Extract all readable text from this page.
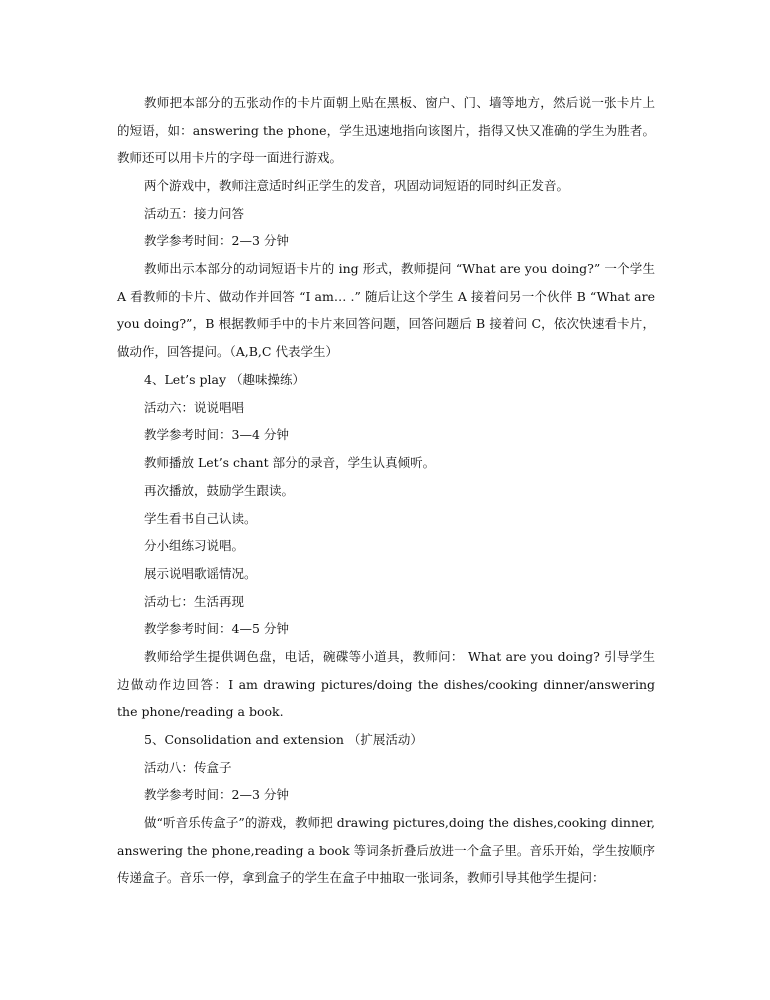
教师把本部分的五张动作的卡片面朝上贴在黑板、窗户、门、墙等地方，然后说一张卡片上的短语，如：answering the phone，学生迅速地指向该图片，指得又快又准确的学生为胜者。教师还可以用卡片的字母一面进行游戏。

两个游戏中，教师注意适时纠正学生的发音，巩固动词短语的同时纠正发音。

活动五：接力问答

教学参考时间：2—3 分钟

教师出示本部分的动词短语卡片的 ing 形式，教师提问 “What are you doing?” 一个学生 A 看教师的卡片、做动作并回答 “I am… .” 随后让这个学生 A 接着问另一个伙伴 B “What are you doing?”，B 根据教师手中的卡片来回答问题，回答问题后 B 接着问 C，依次快速看卡片，做动作，回答提问。（A,B,C 代表学生）

4、Let’s play （趣味操练）

活动六：说说唱唱

教学参考时间：3—4 分钟

教师播放 Let’s chant 部分的录音，学生认真倾听。

再次播放，鼓励学生跟读。

学生看书自己认读。

分小组练习说唱。

展示说唱歌谣情况。

活动七：生活再现

教学参考时间：4—5 分钟

教师给学生提供调色盘，电话，碗碟等小道具，教师问： What are you doing? 引导学生边做动作边回答：I am drawing pictures/doing the dishes/cooking dinner/answering the phone/reading a book.

5、Consolidation and extension （扩展活动）

活动八：传盒子

教学参考时间：2—3 分钟

做“听音乐传盒子”的游戏，教师把 drawing pictures,doing the dishes,cooking dinner, answering the phone,reading a book 等词条折叠后放进一个盒子里。音乐开始，学生按顺序传递盒子。音乐一停，拿到盒子的学生在盒子中抽取一张词条，教师引导其他学生提问：
